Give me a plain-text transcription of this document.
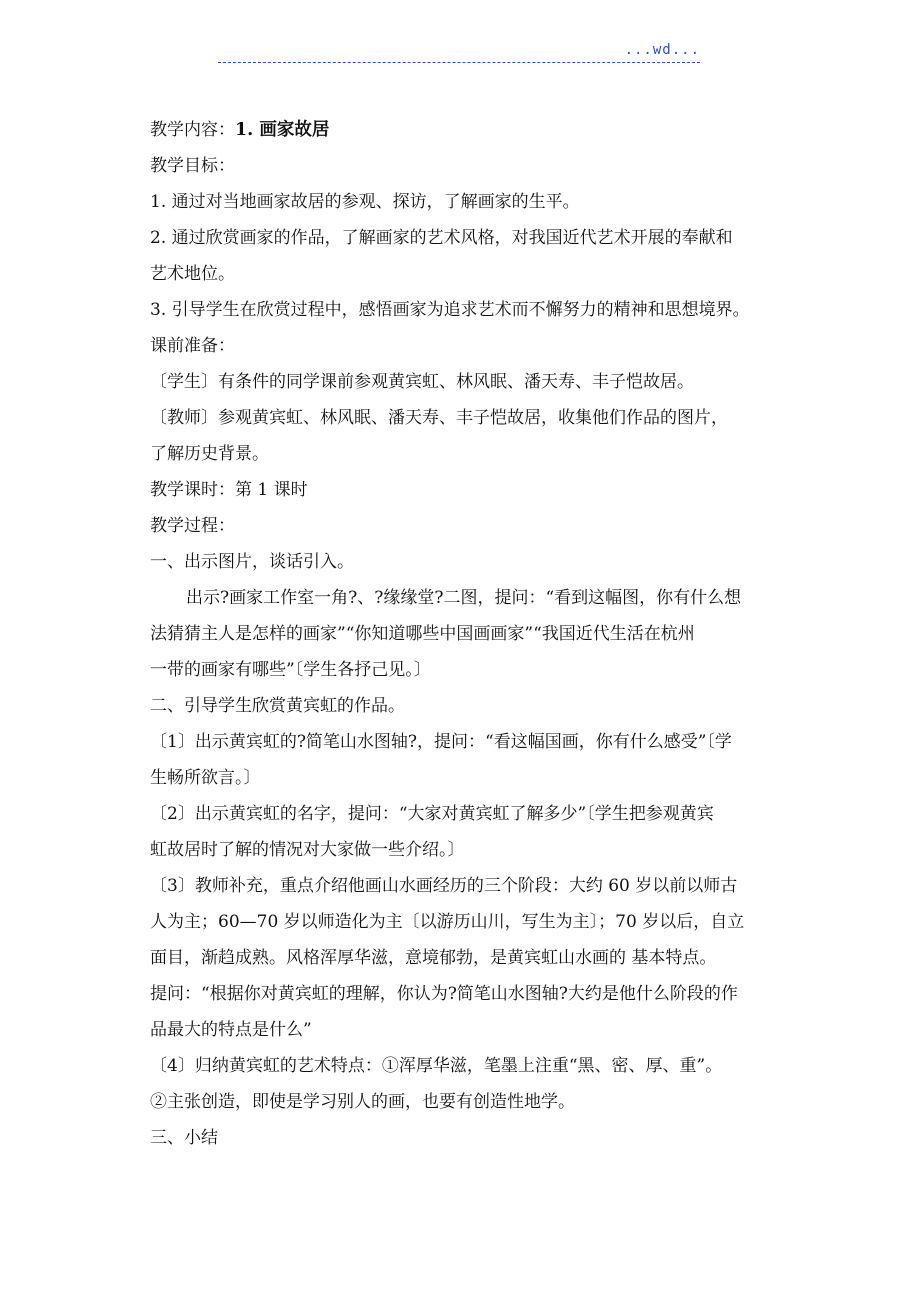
...wd...

教学内容：1. 画家故居

教学目标：

1. 通过对当地画家故居的参观、探访，了解画家的生平。

2. 通过欣赏画家的作品，了解画家的艺术风格，对我国近代艺术开展的奉献和

艺术地位。

3. 引导学生在欣赏过程中，感悟画家为追求艺术而不懈努力的精神和思想境界。

课前准备：

〔学生〕有条件的同学课前参观黄宾虹、林风眠、潘天寿、丰子恺故居。

〔教师〕参观黄宾虹、林风眠、潘天寿、丰子恺故居，收集他们作品的图片，

了解历史背景。

教学课时：第 1 课时

教学过程：

一、出示图片，谈话引入。

出示?画家工作室一角?、?缘缘堂?二图，提问：“看到这幅图，你有什么想

法猜猜主人是怎样的画家”“你知道哪些中国画画家”“我国近代生活在杭州

一带的画家有哪些”〔学生各抒己见。〕

二、引导学生欣赏黄宾虹的作品。

〔1〕出示黄宾虹的?简笔山水图轴?，提问：“看这幅国画，你有什么感受”〔学

生畅所欲言。〕

〔2〕出示黄宾虹的名字，提问：“大家对黄宾虹了解多少”〔学生把参观黄宾

虹故居时了解的情况对大家做一些介绍。〕

〔3〕教师补充，重点介绍他画山水画经历的三个阶段：大约 60 岁以前以师古

人为主；60—70 岁以师造化为主〔以游历山川，写生为主〕；70 岁以后，自立

面目，渐趋成熟。风格浑厚华滋，意境郁勃，是黄宾虹山水画的 基本特点。

提问：“根据你对黄宾虹的理解，你认为?简笔山水图轴?大约是他什么阶段的作

品最大的特点是什么”

〔4〕归纳黄宾虹的艺术特点：①浑厚华滋，笔墨上注重“黑、密、厚、重”。

②主张创造，即使是学习别人的画，也要有创造性地学。

三、小结
